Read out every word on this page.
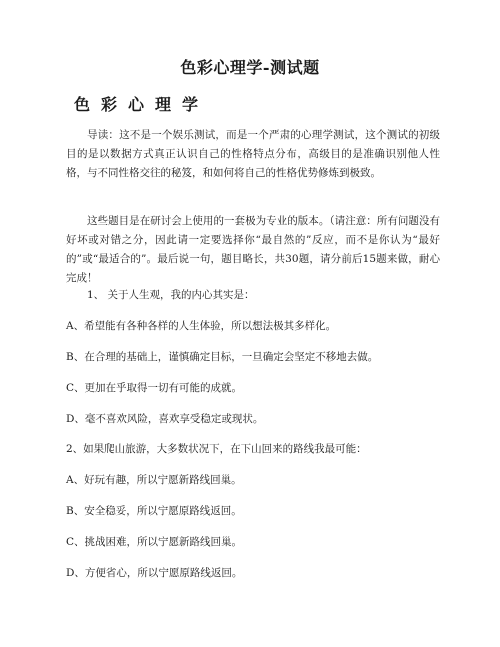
色彩心理学-测试题
色彩心理学

导读：这不是一个娱乐测试，而是一个严肃的心理学测试，这个测试的初级目的是以数据方式真正认识自己的性格特点分布，高级目的是准确识别他人性格，与不同性格交往的秘笈，和如何将自己的性格优势修炼到极致。

这些题目是在研讨会上使用的一套极为专业的版本。（请注意：所有问题没有好坏或对错之分，因此请一定要选择你“最自然的”反应，而不是你认为“最好的”或“最适合的”。最后说一句，题目略长，共30题，请分前后15题来做，耐心完成！

1、 关于人生观，我的内心其实是：

A、希望能有各种各样的人生体验，所以想法极其多样化。

B、在合理的基础上，谨慎确定目标，一旦确定会坚定不移地去做。

C、更加在乎取得一切有可能的成就。

D、毫不喜欢风险，喜欢享受稳定或现状。

2、如果爬山旅游，大多数状况下，在下山回来的路线我最可能：

A、好玩有趣，所以宁愿新路线回巢。

B、安全稳妥，所以宁愿原路线返回。

C、挑战困难，所以宁愿新路线回巢。

D、方便省心，所以宁愿原路线返回。
